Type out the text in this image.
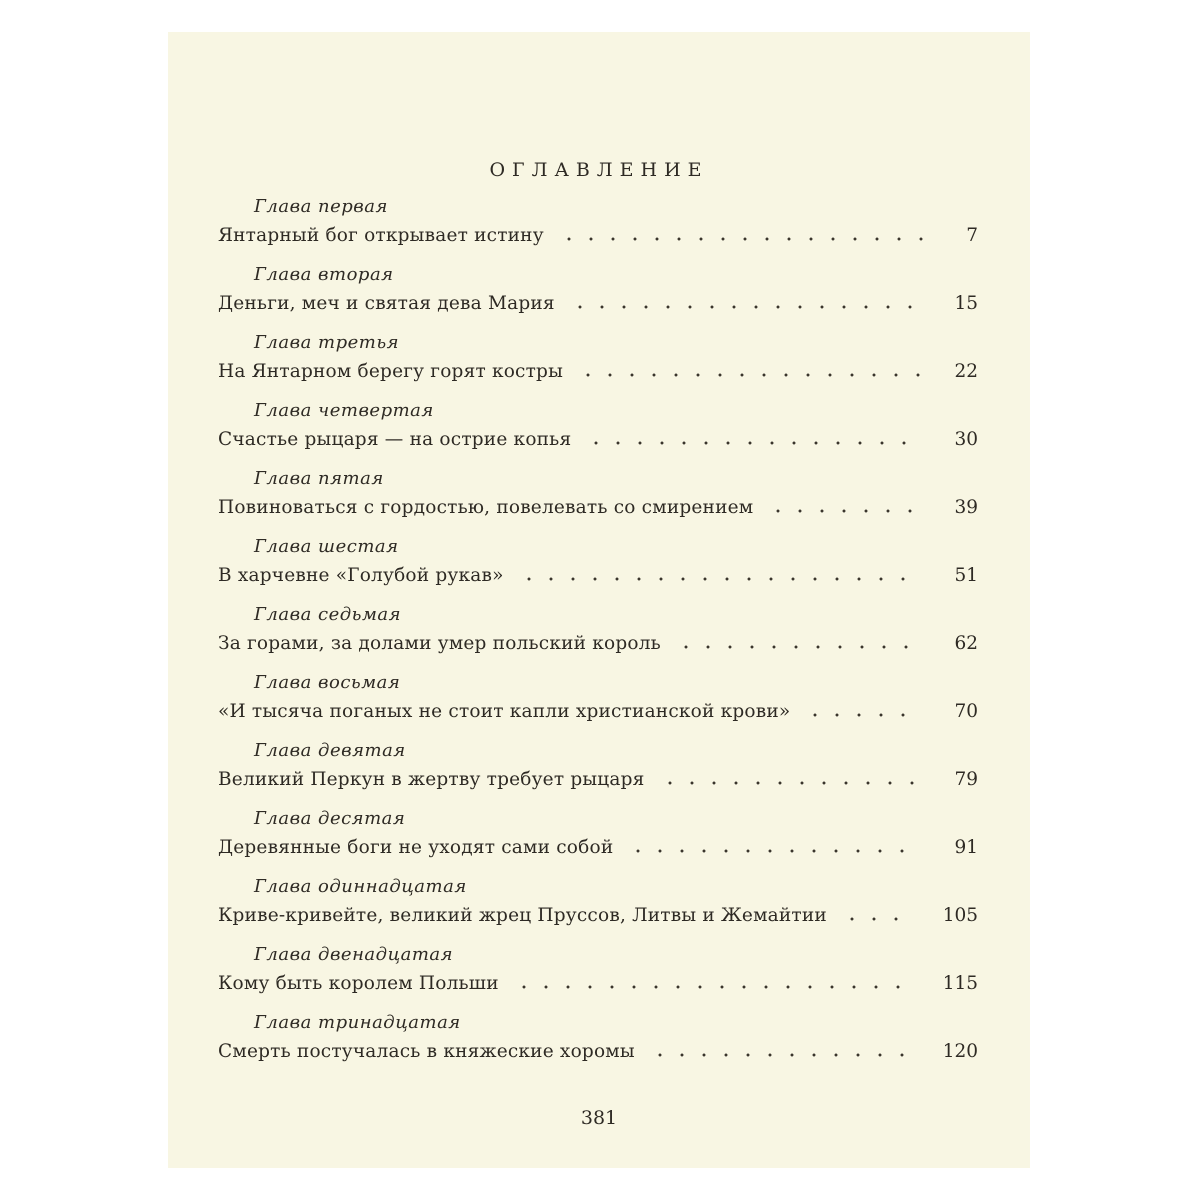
ОГЛАВЛЕНИЕ
Глава первая
Янтарный бог открывает истину	7
Глава вторая
Деньги, меч и святая дева Мария	15
Глава третья
На Янтарном берегу горят костры	22
Глава четвертая
Счастье рыцаря — на острие копья	30
Глава пятая
Повиноваться с гордостью, повелевать со смирением	39
Глава шестая
В харчевне «Голубой рукав»	51
Глава седьмая
За горами, за долами умер польский король	62
Глава восьмая
«И тысяча поганых не стоит капли христианской крови»	70
Глава девятая
Великий Перкун в жертву требует рыцаря	79
Глава десятая
Деревянные боги не уходят сами собой	91
Глава одиннадцатая
Криве-кривейте, великий жрец Пруссов, Литвы и Жемайтии	105
Глава двенадцатая
Кому быть королем Польши	115
Глава тринадцатая
Смерть постучалась в княжеские хоромы	120
381
